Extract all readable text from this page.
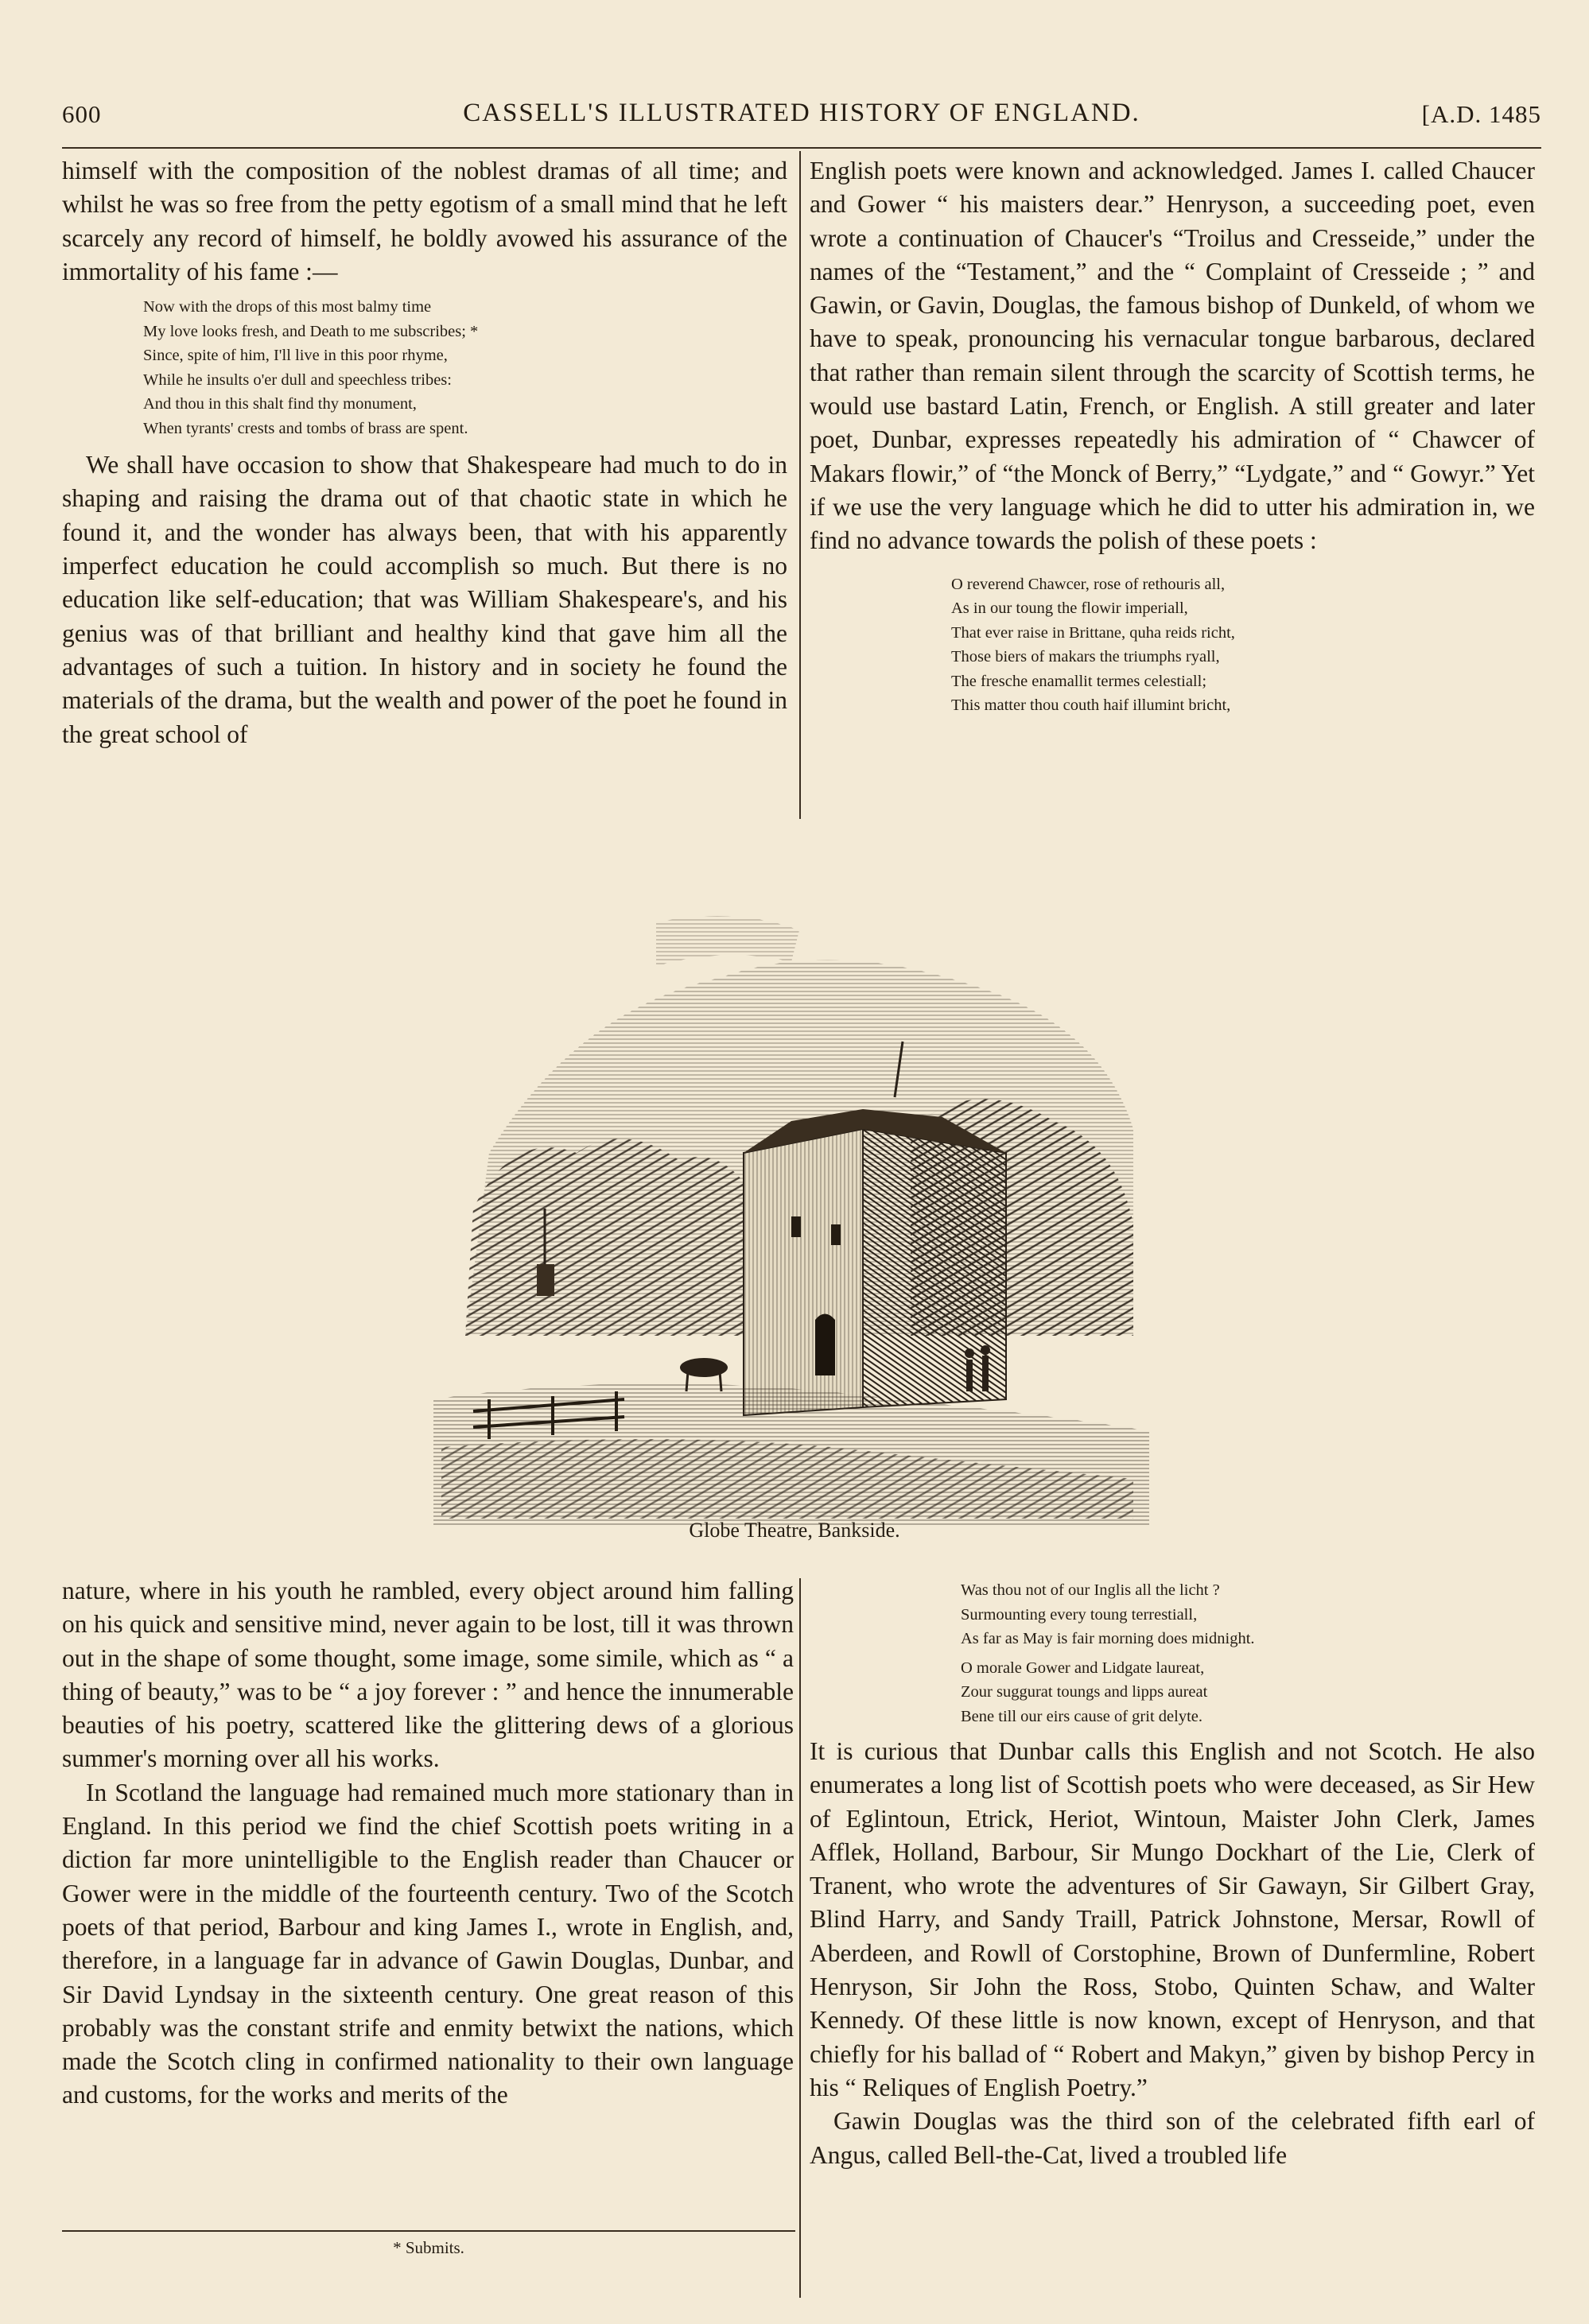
600	CASSELL'S ILLUSTRATED HISTORY OF ENGLAND.	[A.D. 1485

himself with the composition of the noblest dramas of all time; and whilst he was so free from the petty egotism of a small mind that he left scarcely any record of himself, he boldly avowed his assurance of the immortality of his fame :—

Now with the drops of this most balmy time
My love looks fresh, and Death to me subscribes; *
Since, spite of him, I'll live in this poor rhyme,
While he insults o'er dull and speechless tribes:
And thou in this shalt find thy monument,
When tyrants' crests and tombs of brass are spent.

We shall have occasion to show that Shakespeare had much to do in shaping and raising the drama out of that chaotic state in which he found it, and the wonder has always been, that with his apparently imperfect education he could accomplish so much. But there is no education like self-education; that was William Shakespeare's, and his genius was of that brilliant and healthy kind that gave him all the advantages of such a tuition. In history and in society he found the materials of the drama, but the wealth and power of the poet he found in the great school of

English poets were known and acknowledged. James I. called Chaucer and Gower “ his maisters dear.” Henryson, a succeeding poet, even wrote a continuation of Chaucer's “Troilus and Cresseide,” under the names of the “Testament,” and the “ Complaint of Cresseide ; ” and Gawin, or Gavin, Douglas, the famous bishop of Dunkeld, of whom we have to speak, pronouncing his vernacular tongue barbarous, declared that rather than remain silent through the scarcity of Scottish terms, he would use bastard Latin, French, or English. A still greater and later poet, Dunbar, expresses repeatedly his admiration of “ Chawcer of Makars flowir,” of “the Monck of Berry,” “Lydgate,” and “ Gowyr.” Yet if we use the very language which he did to utter his admiration in, we find no advance towards the polish of these poets :

O reverend Chawcer, rose of rethouris all,
As in our toung the flowir imperiall,
That ever raise in Brittane, quha reids richt,
Those biers of makars the triumphs ryall,
The fresche enamallit termes celestiall;
This matter thou couth haif illumint bricht,
Globe Theatre, Bankside.

nature, where in his youth he rambled, every object around him falling on his quick and sensitive mind, never again to be lost, till it was thrown out in the shape of some thought, some image, some simile, which as “ a thing of beauty,” was to be “ a joy forever : ” and hence the innumerable beauties of his poetry, scattered like the glittering dews of a glorious summer's morning over all his works.

In Scotland the language had remained much more stationary than in England. In this period we find the chief Scottish poets writing in a diction far more unintelligible to the English reader than Chaucer or Gower were in the middle of the fourteenth century. Two of the Scotch poets of that period, Barbour and king James I., wrote in English, and, therefore, in a language far in advance of Gawin Douglas, Dunbar, and Sir David Lyndsay in the sixteenth century. One great reason of this probably was the constant strife and enmity betwixt the nations, which made the Scotch cling in confirmed nationality to their own language and customs, for the works and merits of the

Was thou not of our Inglis all the licht ?
Surmounting every toung terrestiall,
As far as May is fair morning does midnight.
O morale Gower and Lidgate laureat,
Zour suggurat toungs and lipps aureat
Bene till our eirs cause of grit delyte.

It is curious that Dunbar calls this English and not Scotch. He also enumerates a long list of Scottish poets who were deceased, as Sir Hew of Eglintoun, Etrick, Heriot, Wintoun, Maister John Clerk, James Afflek, Holland, Barbour, Sir Mungo Dockhart of the Lie, Clerk of Tranent, who wrote the adventures of Sir Gawayn, Sir Gilbert Gray, Blind Harry, and Sandy Traill, Patrick Johnstone, Mersar, Rowll of Aberdeen, and Rowll of Corstophine, Brown of Dunfermline, Robert Henryson, Sir John the Ross, Stobo, Quinten Schaw, and Walter Kennedy. Of these little is now known, except of Henryson, and that chiefly for his ballad of “ Robert and Makyn,” given by bishop Percy in his “ Reliques of English Poetry.”

Gawin Douglas was the third son of the celebrated fifth earl of Angus, called Bell-the-Cat, lived a troubled life

* Submits.
